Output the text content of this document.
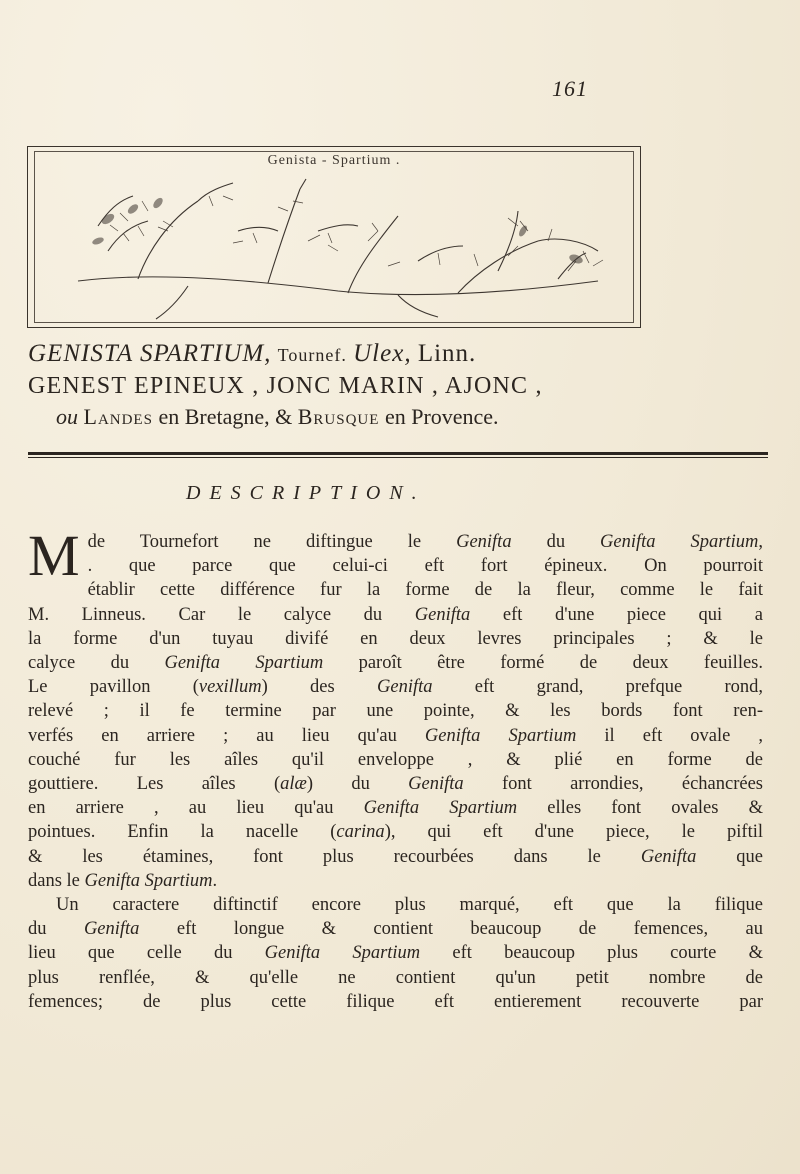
161
Genista - Spartium .
GENISTA SPARTIUM, Tournef. Ulex, Linn.
GENEST EPINEUX , JONC MARIN , AJONC ,
ou Landes en Bretagne, & Brusque en Provence.
DESCRIPTION.
M de Tournefort ne diftingue le Genifta du Genifta Spartium,
. que parce que celui-ci eft fort épineux. On pourroit
établir cette différence fur la forme de la fleur, comme le fait
M. Linneus. Car le calyce du Genifta eft d'une piece qui a
la forme d'un tuyau divifé en deux levres principales ; & le
calyce du Genifta Spartium paroît être formé de deux feuilles.
Le pavillon (vexillum) des Genifta eft grand, prefque rond,
relevé ; il fe termine par une pointe, & les bords font ren-
verfés en arriere ; au lieu qu'au Genifta Spartium il eft ovale ,
couché fur les aîles qu'il enveloppe , & plié en forme de
gouttiere. Les aîles (alæ) du Genifta font arrondies, échancrées
en arriere , au lieu qu'au Genifta Spartium elles font ovales &
pointues. Enfin la nacelle (carina), qui eft d'une piece, le piftil
& les étamines, font plus recourbées dans le Genifta que
dans le Genifta Spartium.
Un caractere diftinctif encore plus marqué, eft que la filique
du Genifta eft longue & contient beaucoup de femences, au
lieu que celle du Genifta Spartium eft beaucoup plus courte &
plus renflée, & qu'elle ne contient qu'un petit nombre de
femences; de plus cette filique eft entierement recouverte par
